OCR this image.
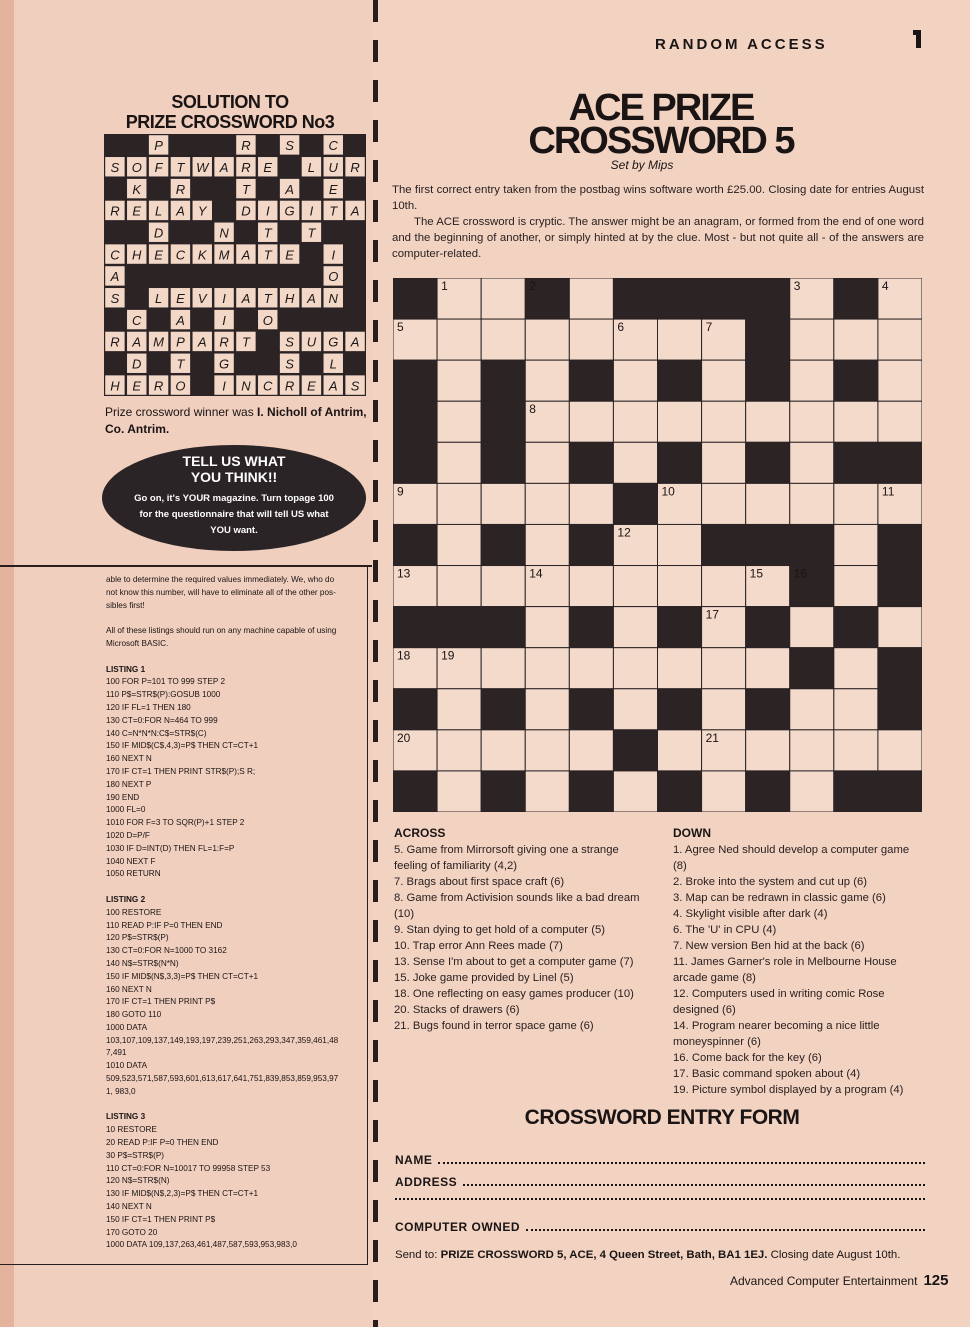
SOLUTION TO
PRIZE CROSSWORD No3
P	R	S	C
S O F T W A R E	L U R
K	R	T	A	E
R E L A Y	D I G I T A
D	N	T	T
C H E C K M A T E	I
A	O
S	L E V I A T H A N
C	A	I	O
R A M P A R T	S U G A
D	T	G	S	L
H E R O	I N C R E A S
Prize crossword winner was I. Nicholl of Antrim, Co. Antrim.
TELL US WHAT
YOU THINK!!
Go on, it's YOUR magazine. Turn topage 100 for the questionnaire that will tell US what YOU want.
able to determine the required values immediately. We, who do
not know this number, will have to eliminate all of the other pos-
sibles first!

All of these listings should run on any machine capable of using
Microsoft BASIC.

LISTING 1
100 FOR P=101 TO 999 STEP 2
110 P$=STR$(P):GOSUB 1000
120 IF FL=1 THEN 180
130 CT=0:FOR N=464 TO 999
140 C=N*N*N:C$=STR$(C)
150 IF MID$(C$,4,3)=P$ THEN CT=CT+1
160 NEXT N
170 IF CT=1 THEN PRINT STR$(P);S R;
180 NEXT P
190 END
1000 FL=0
1010 FOR F=3 TO SQR(P)+1 STEP 2
1020 D=P/F
1030 IF D=INT(D) THEN FL=1:F=P
1040 NEXT F
1050 RETURN

LISTING 2
100 RESTORE
110 READ P:IF P=0 THEN END
120 P$=STR$(P)
130 CT=0:FOR N=1000 TO 3162
140 N$=STR$(N*N)
150 IF MID$(N$,3,3)=P$ THEN CT=CT+1
160 NEXT N
170 IF CT=1 THEN PRINT P$
180 GOTO 110
1000 DATA
103,107,109,137,149,193,197,239,251,263,293,347,359,461,48
7,491
1010 DATA
509,523,571,587,593,601,613,617,641,751,839,853,859,953,97
1, 983,0

LISTING 3
10 RESTORE
20 READ P:IF P=0 THEN END
30 P$=STR$(P)
110 CT=0:FOR N=10017 TO 99958 STEP 53
120 N$=STR$(N)
130 IF MID$(N$,2,3)=P$ THEN CT=CT+1
140 NEXT N
150 IF CT=1 THEN PRINT P$
170 GOTO 20
1000 DATA 109,137,263,461,487,587,593,953,983,0
RANDOM ACCESS
ACE PRIZE
CROSSWORD 5
Set by Mips

The first correct entry taken from the postbag wins software worth £25.00. Closing date for entries August 10th.

The ACE crossword is cryptic. The answer might be an anagram, or formed from the end of one word and the beginning of another, or simply hinted at by the clue. Most - but not quite all - of the answers are computer-related.

1	2	3	4
5	6	7
8
9	10	11
12
13	14	15	16
17
18	19
20	21
ACROSS
5. Game from Mirrorsoft giving one a strange feeling of familiarity (4,2)
7. Brags about first space craft (6)
8. Game from Activision sounds like a bad dream (10)
9. Stan dying to get hold of a computer (5)
10. Trap error Ann Rees made (7)
13. Sense I'm about to get a computer game (7)
15. Joke game provided by Linel (5)
18. One reflecting on easy games producer (10)
20. Stacks of drawers (6)
21. Bugs found in terror space game (6)
DOWN
1. Agree Ned should develop a computer game (8)
2. Broke into the system and cut up (6)
3. Map can be redrawn in classic game (6)
4. Skylight visible after dark (4)
6. The 'U' in CPU (4)
7. New version Ben hid at the back (6)
11. James Garner's role in Melbourne House arcade game (8)
12. Computers used in writing comic Rose designed (6)
14. Program nearer becoming a nice little moneyspinner (6)
16. Come back for the key (6)
17. Basic command spoken about (4)
19. Picture symbol displayed by a program (4)
CROSSWORD ENTRY FORM
NAME
ADDRESS
COMPUTER OWNED
Send to: PRIZE CROSSWORD 5, ACE, 4 Queen Street, Bath, BA1 1EJ. Closing date August 10th.
Advanced Computer Entertainment 125
